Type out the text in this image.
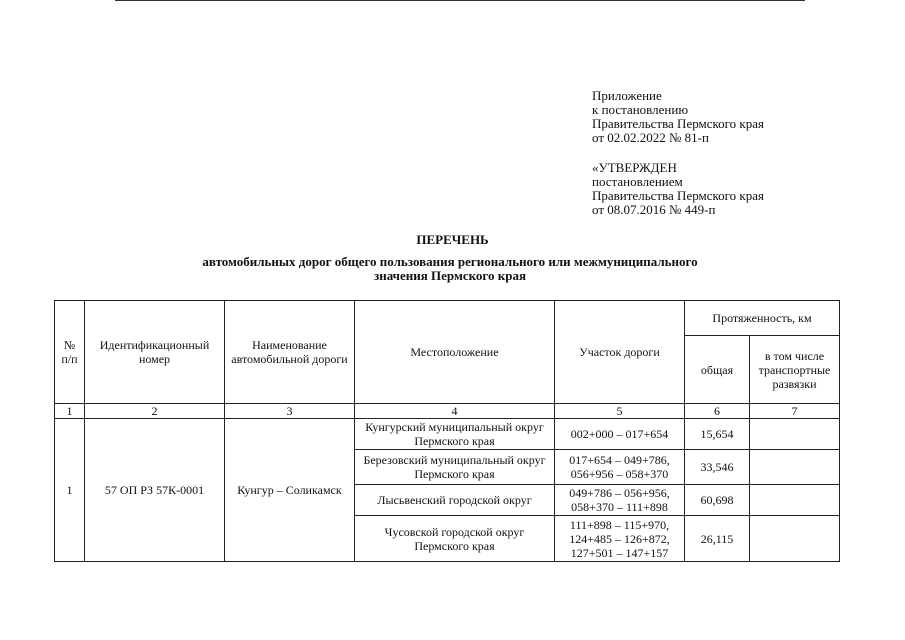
Приложение
к постановлению
Правительства Пермского края
от 02.02.2022 № 81-п
«УТВЕРЖДЕН
постановлением
Правительства Пермского края
от 08.07.2016 № 449-п
ПЕРЕЧЕНЬ
автомобильных дорог общего пользования регионального или межмуниципального
значения Пермского края
№ п/п	Идентификационный номер	Наименование автомобильной дороги	Местоположение	Участок дороги	Протяженность, км	
					общая	в том числе транспортные развязки
1	2	3	4	5	6	7
1	57 ОП РЗ 57К-0001	Кунгур – Соликамск	Кунгурский муниципальный округ Пермского края	002+000 – 017+654	15,654	
			Березовский муниципальный округ Пермского края	017+654 – 049+786, 056+956 – 058+370	33,546	
			Лысьвенский городской округ	049+786 – 056+956, 058+370 – 111+898	60,698	
			Чусовской городской округ Пермского края	111+898 – 115+970, 124+485 – 126+872, 127+501 – 147+157	26,115	
